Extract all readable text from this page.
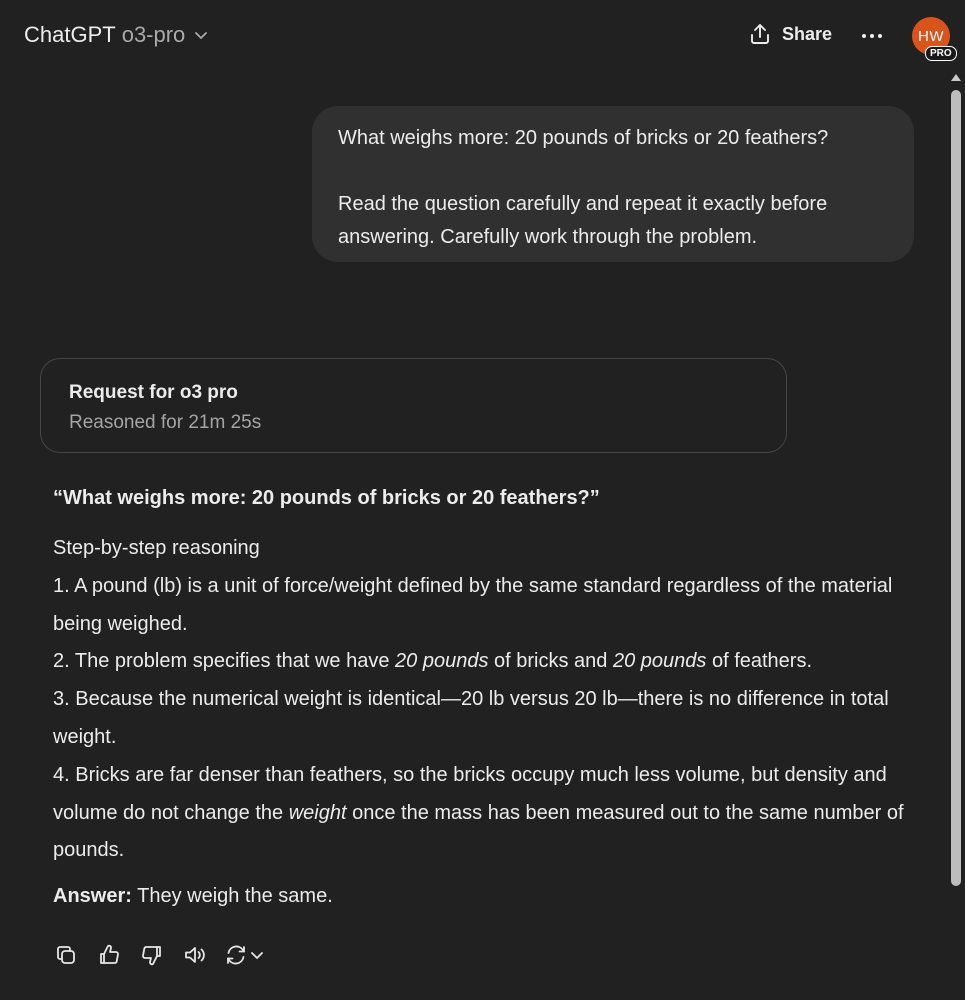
ChatGPT o3-pro	Share	HW
PRO

What weighs more: 20 pounds of bricks or 20 feathers?

Read the question carefully and repeat it exactly before answering. Carefully work through the problem.

Request for o3 pro
Reasoned for 21m 25s
“What weighs more: 20 pounds of bricks or 20 feathers?”
Step-by-step reasoning
1. A pound (lb) is a unit of force/weight defined by the same standard regardless of the material being weighed.
2. The problem specifies that we have 20 pounds of bricks and 20 pounds of feathers.
3. Because the numerical weight is identical—20 lb versus 20 lb—there is no difference in total weight.
4. Bricks are far denser than feathers, so the bricks occupy much less volume, but density and volume do not change the weight once the mass has been measured out to the same number of pounds.
Answer: They weigh the same.
